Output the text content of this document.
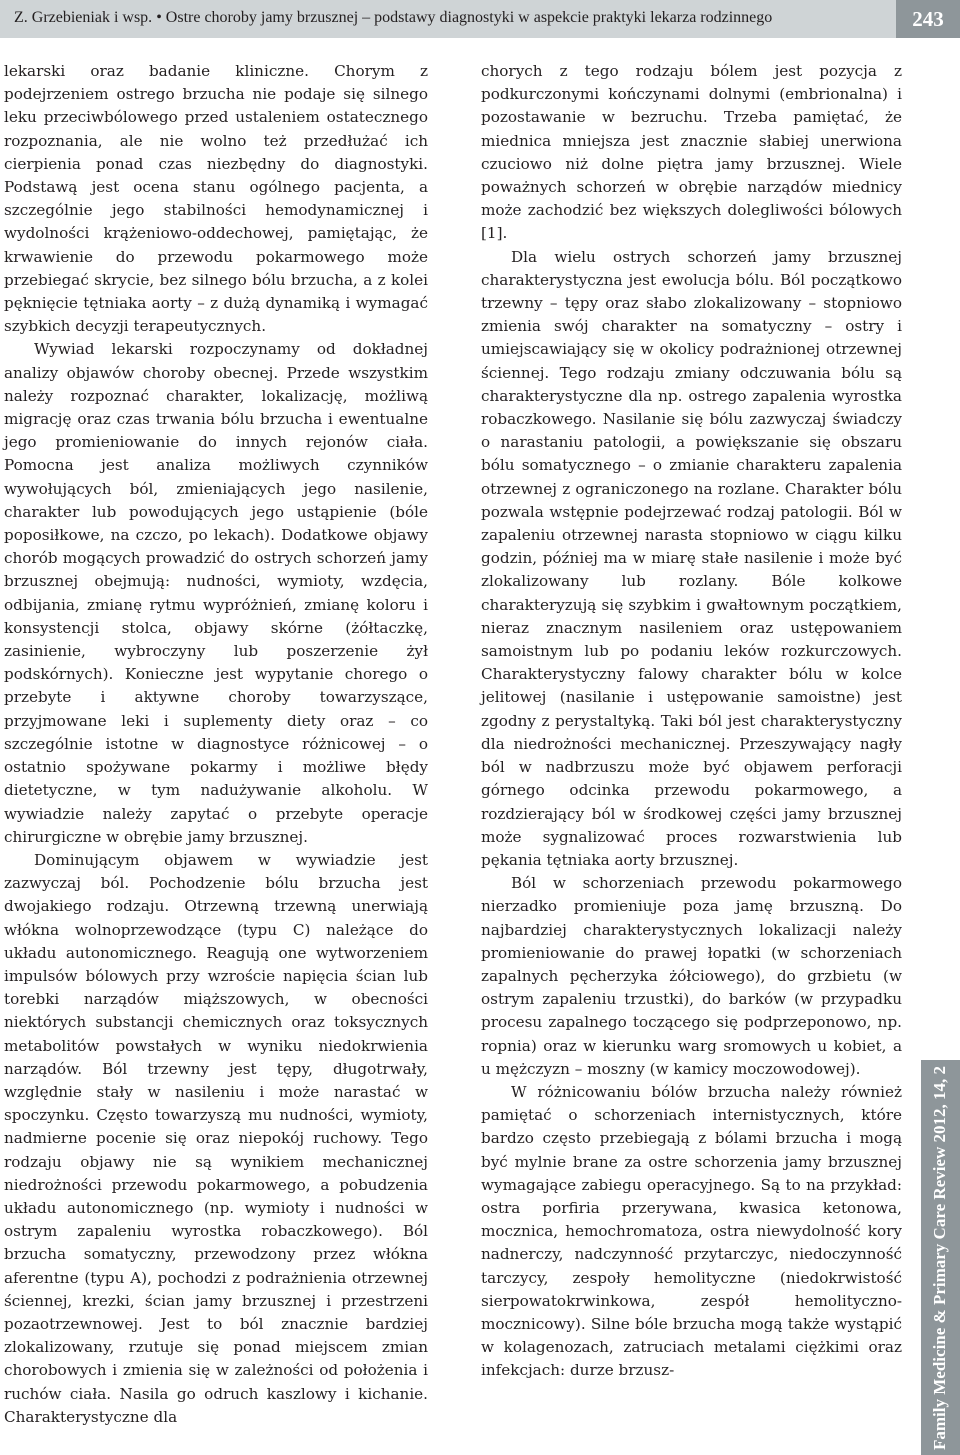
Z. Grzebieniak i wsp. • Ostre choroby jamy brzusznej – podstawy diagnostyki w aspekcie praktyki lekarza rodzinnego	243

lekarski oraz badanie kliniczne. Chorym z podejrzeniem ostrego brzucha nie podaje się silnego leku przeciwbólowego przed ustaleniem ostatecznego rozpoznania, ale nie wolno też przedłużać ich cierpienia ponad czas niezbędny do diagnostyki. Podstawą jest ocena stanu ogólnego pacjenta, a szczególnie jego stabilności hemodynamicznej i wydolności krążeniowo-oddechowej, pamiętając, że krwawienie do przewodu pokarmowego może przebiegać skrycie, bez silnego bólu brzucha, a z kolei pęknięcie tętniaka aorty – z dużą dynamiką i wymagać szybkich decyzji terapeutycznych.

Wywiad lekarski rozpoczynamy od dokładnej analizy objawów choroby obecnej. Przede wszystkim należy rozpoznać charakter, lokalizację, możliwą migrację oraz czas trwania bólu brzucha i ewentualne jego promieniowanie do innych rejonów ciała. Pomocna jest analiza możliwych czynników wywołujących ból, zmieniających jego nasilenie, charakter lub powodujących jego ustąpienie (bóle poposiłkowe, na czczo, po lekach). Dodatkowe objawy chorób mogących prowadzić do ostrych schorzeń jamy brzusznej obejmują: nudności, wymioty, wzdęcia, odbijania, zmianę rytmu wypróżnień, zmianę koloru i konsystencji stolca, objawy skórne (żółtaczkę, zasinienie, wybroczyny lub poszerzenie żył podskórnych). Konieczne jest wypytanie chorego o przebyte i aktywne choroby towarzyszące, przyjmowane leki i suplementy diety oraz – co szczególnie istotne w diagnostyce różnicowej – o ostatnio spożywane pokarmy i możliwe błędy dietetyczne, w tym nadużywanie alkoholu. W wywiadzie należy zapytać o przebyte operacje chirurgiczne w obrębie jamy brzusznej.

Dominującym objawem w wywiadzie jest zazwyczaj ból. Pochodzenie bólu brzucha jest dwojakiego rodzaju. Otrzewną trzewną unerwiają włókna wolnoprzewodzące (typu C) należące do układu autonomicznego. Reagują one wytworzeniem impulsów bólowych przy wzroście napięcia ścian lub torebki narządów miąższowych, w obecności niektórych substancji chemicznych oraz toksycznych metabolitów powstałych w wyniku niedokrwienia narządów. Ból trzewny jest tępy, długotrwały, względnie stały w nasileniu i może narastać w spoczynku. Często towarzyszą mu nudności, wymioty, nadmierne pocenie się oraz niepokój ruchowy. Tego rodzaju objawy nie są wynikiem mechanicznej niedrożności przewodu pokarmowego, a pobudzenia układu autonomicznego (np. wymioty i nudności w ostrym zapaleniu wyrostka robaczkowego). Ból brzucha somatyczny, przewodzony przez włókna aferentne (typu A), pochodzi z podrażnienia otrzewnej ściennej, krezki, ścian jamy brzusznej i przestrzeni pozaotrzewnowej. Jest to ból znacznie bardziej zlokalizowany, rzutuje się ponad miejscem zmian chorobowych i zmienia się w zależności od położenia i ruchów ciała. Nasila go odruch kaszlowy i kichanie. Charakterystyczne dla

chorych z tego rodzaju bólem jest pozycja z podkurczonymi kończynami dolnymi (embrionalna) i pozostawanie w bezruchu. Trzeba pamiętać, że miednica mniejsza jest znacznie słabiej unerwiona czuciowo niż dolne piętra jamy brzusznej. Wiele poważnych schorzeń w obrębie narządów miednicy może zachodzić bez większych dolegliwości bólowych [1].

Dla wielu ostrych schorzeń jamy brzusznej charakterystyczna jest ewolucja bólu. Ból początkowo trzewny – tępy oraz słabo zlokalizowany – stopniowo zmienia swój charakter na somatyczny – ostry i umiejscawiający się w okolicy podrażnionej otrzewnej ściennej. Tego rodzaju zmiany odczuwania bólu są charakterystyczne dla np. ostrego zapalenia wyrostka robaczkowego. Nasilanie się bólu zazwyczaj świadczy o narastaniu patologii, a powiększanie się obszaru bólu somatycznego – o zmianie charakteru zapalenia otrzewnej z ograniczonego na rozlane. Charakter bólu pozwala wstępnie podejrzewać rodzaj patologii. Ból w zapaleniu otrzewnej narasta stopniowo w ciągu kilku godzin, później ma w miarę stałe nasilenie i może być zlokalizowany lub rozlany. Bóle kolkowe charakteryzują się szybkim i gwałtownym początkiem, nieraz znacznym nasileniem oraz ustępowaniem samoistnym lub po podaniu leków rozkurczowych. Charakterystyczny falowy charakter bólu w kolce jelitowej (nasilanie i ustępowanie samoistne) jest zgodny z perystaltyką. Taki ból jest charakterystyczny dla niedrożności mechanicznej. Przeszywający nagły ból w nadbrzuszu może być objawem perforacji górnego odcinka przewodu pokarmowego, a rozdzierający ból w środkowej części jamy brzusznej może sygnalizować proces rozwarstwienia lub pękania tętniaka aorty brzusznej.

Ból w schorzeniach przewodu pokarmowego nierzadko promieniuje poza jamę brzuszną. Do najbardziej charakterystycznych lokalizacji należy promieniowanie do prawej łopatki (w schorzeniach zapalnych pęcherzyka żółciowego), do grzbietu (w ostrym zapaleniu trzustki), do barków (w przypadku procesu zapalnego toczącego się podprzeponowo, np. ropnia) oraz w kierunku warg sromowych u kobiet, a u mężczyzn – moszny (w kamicy moczowodowej).

W różnicowaniu bólów brzucha należy również pamiętać o schorzeniach internistycznych, które bardzo często przebiegają z bólami brzucha i mogą być mylnie brane za ostre schorzenia jamy brzusznej wymagające zabiegu operacyjnego. Są to na przykład: ostra porfiria przerywana, kwasica ketonowa, mocznica, hemochromatoza, ostra niewydolność kory nadnerczy, nadczynność przytarczyc, niedoczynność tarczycy, zespoły hemolityczne (niedokrwistość sierpowatokrwinkowa, zespół hemolityczno-mocznicowy). Silne bóle brzucha mogą także wystąpić w kolagenozach, zatruciach metalami ciężkimi oraz infekcjach: durze brzusz-	Family Medicine & Primary Care Review 2012, 14, 2
